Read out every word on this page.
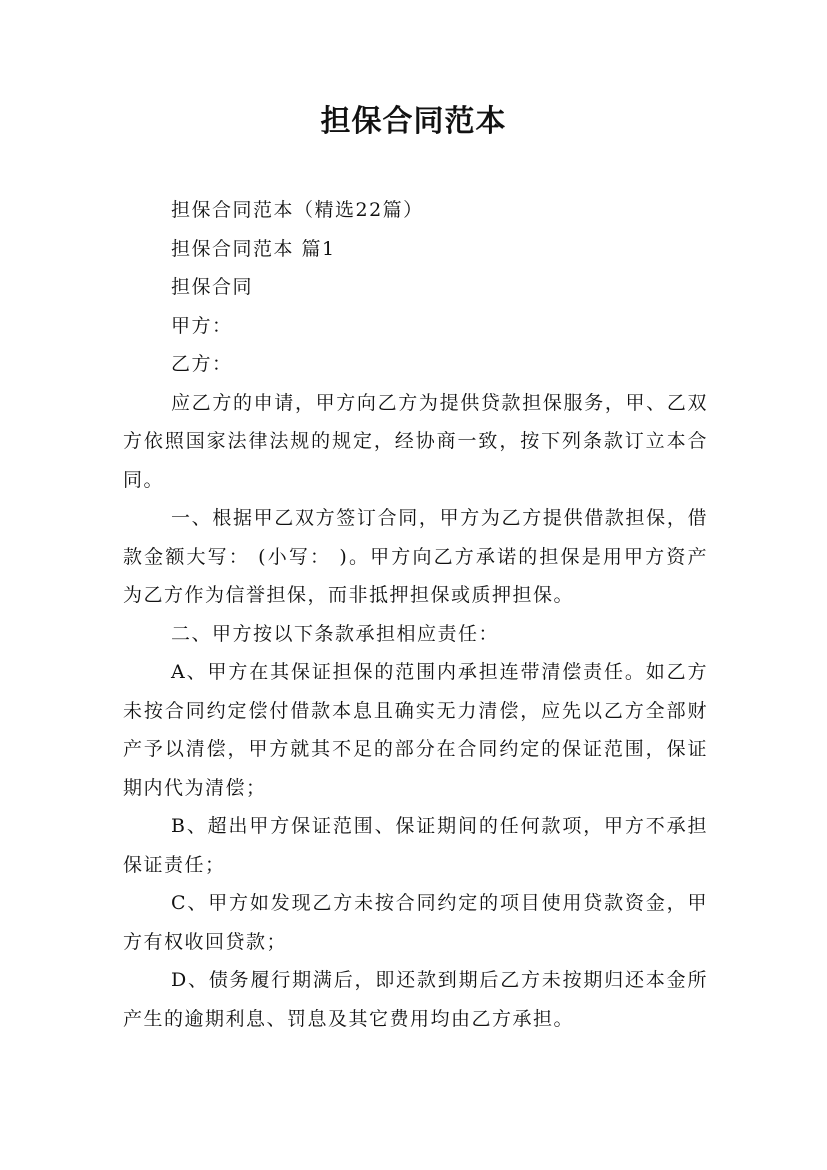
担保合同范本

担保合同范本（精选22篇）

担保合同范本 篇1

担保合同

甲方：

乙方：

应乙方的申请，甲方向乙方为提供贷款担保服务，甲、乙双方依照国家法律法规的规定，经协商一致，按下列条款订立本合同。

一、根据甲乙双方签订合同，甲方为乙方提供借款担保，借款金额大写： (小写： )。甲方向乙方承诺的担保是用甲方资产为乙方作为信誉担保，而非抵押担保或质押担保。

二、甲方按以下条款承担相应责任：

A、甲方在其保证担保的范围内承担连带清偿责任。如乙方未按合同约定偿付借款本息且确实无力清偿，应先以乙方全部财产予以清偿，甲方就其不足的部分在合同约定的保证范围，保证期内代为清偿；

B、超出甲方保证范围、保证期间的任何款项，甲方不承担保证责任；

C、甲方如发现乙方未按合同约定的项目使用贷款资金，甲方有权收回贷款；

D、债务履行期满后，即还款到期后乙方未按期归还本金所产生的逾期利息、罚息及其它费用均由乙方承担。
